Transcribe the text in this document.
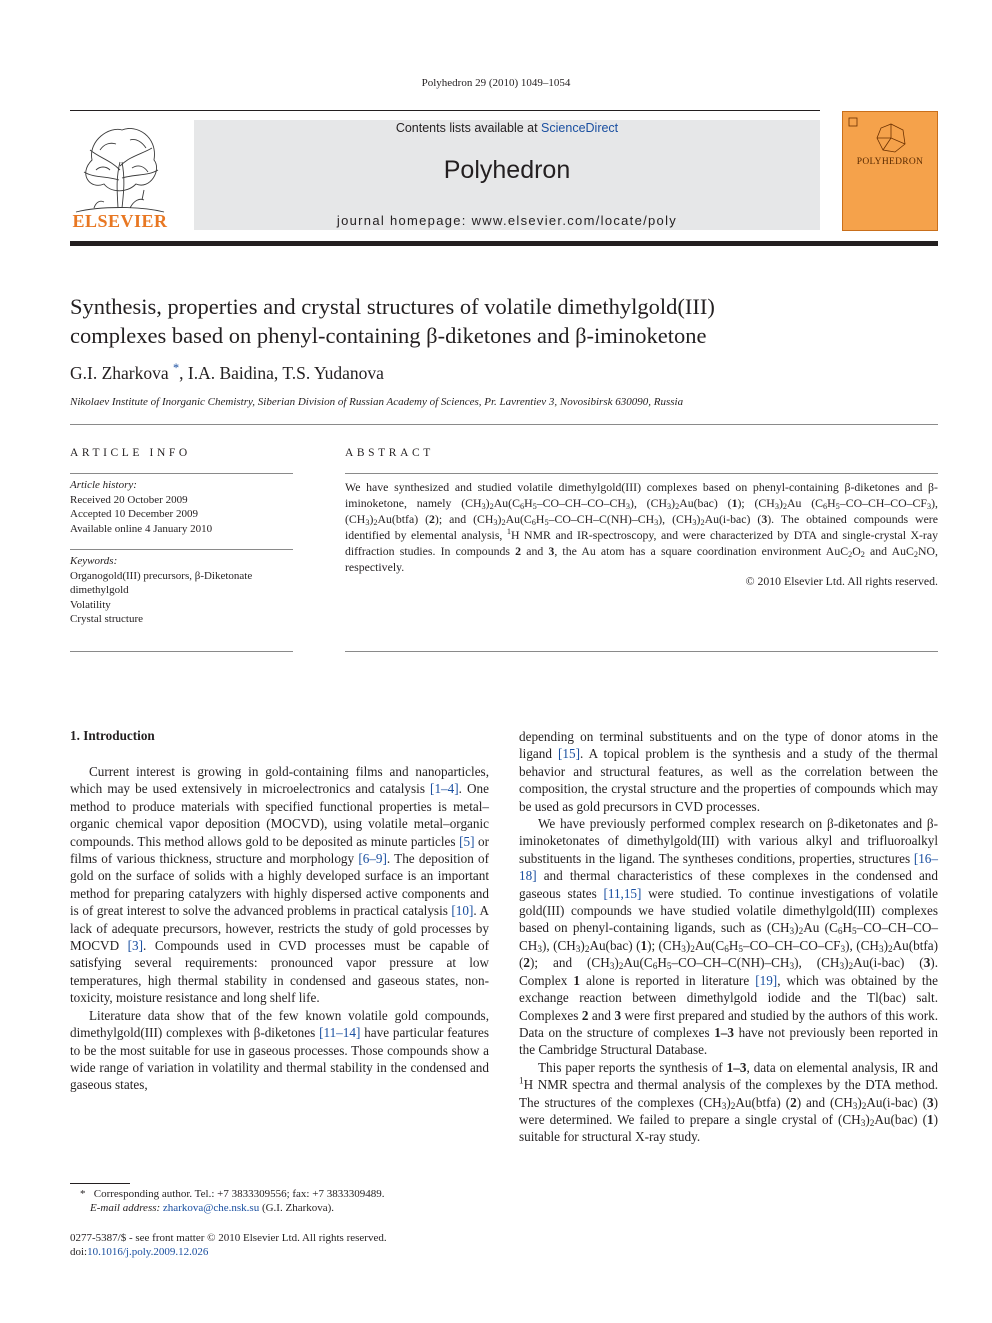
Polyhedron 29 (2010) 1049–1054
ELSEVIER
Contents lists available at ScienceDirect
Polyhedron
journal homepage: www.elsevier.com/locate/poly
POLYHEDRON
Synthesis, properties and crystal structures of volatile dimethylgold(III)
complexes based on phenyl-containing β-diketones and β-iminoketone
G.I. Zharkova *, I.A. Baidina, T.S. Yudanova
Nikolaev Institute of Inorganic Chemistry, Siberian Division of Russian Academy of Sciences, Pr. Lavrentiev 3, Novosibirsk 630090, Russia
ARTICLE INFO	ABSTRACT
Article history:
Received 20 October 2009
Accepted 10 December 2009
Available online 4 January 2010
Keywords:
Organogold(III) precursors, β-Diketonate
dimethylgold
Volatility
Crystal structure
We have synthesized and studied volatile dimethylgold(III) complexes based on phenyl-containing β-diketones and β-iminoketone, namely $(CH_3)_2Au(C_6H_5-CO-CH-CO-CH_3)$, $(CH_3)_2Au(bac)$ (1); $(CH_3)_2Au$ $(C_6H_5-CO-CH-CO-CF_3)$, $(CH_3)_2Au(btfa)$ (2); and $(CH_3)_2Au(C_6H_5-CO-CH-C(NH)-CH_3)$, $(CH_3)_2Au(i-bac)$ (3). The obtained compounds were identified by elemental analysis, $^1$H NMR and IR-spectroscopy, and were characterized by DTA and single-crystal X-ray diffraction studies. In compounds 2 and 3, the Au atom has a square coordination environment $AuC_2O_2$ and AuC$_2$NO, respectively.
© 2010 Elsevier Ltd. All rights reserved.
1. Introduction

Current interest is growing in gold-containing films and nanoparticles, which may be used extensively in microelectronics and catalysis [1–4]. One method to produce materials with specified functional properties is metal–organic chemical vapor deposition (MOCVD), using volatile metal–organic compounds. This method allows gold to be deposited as minute particles [5] or films of various thickness, structure and morphology [6–9]. The deposition of gold on the surface of solids with a highly developed surface is an important method for preparing catalyzers with highly dispersed active components and is of great interest to solve the advanced problems in practical catalysis [10]. A lack of adequate precursors, however, restricts the study of gold processes by MOCVD [3]. Compounds used in CVD processes must be capable of satisfying several requirements: pronounced vapor pressure at low temperatures, high thermal stability in condensed and gaseous states, non-toxicity, moisture resistance and long shelf life.

Literature data show that of the few known volatile gold compounds, dimethylgold(III) complexes with β-diketones [11–14] have particular features to be the most suitable for use in gaseous processes. Those compounds show a wide range of variation in volatility and thermal stability in the condensed and gaseous states,

depending on terminal substituents and on the type of donor atoms in the ligand [15]. A topical problem is the synthesis and a study of the thermal behavior and structural features, as well as the correlation between the composition, the crystal structure and the properties of compounds which may be used as gold precursors in CVD processes.

We have previously performed complex research on β-diketonates and β-iminoketonates of dimethylgold(III) with various alkyl and trifluoroalkyl substituents in the ligand. The syntheses conditions, properties, structures [16–18] and thermal characteristics of these complexes in the condensed and gaseous states [11,15] were studied. To continue investigations of volatile gold(III) compounds we have studied volatile dimethylgold(III) complexes based on phenyl-containing ligands, such as $(CH_3)_2Au$ $(C_6H_5-CO-CH-CO-CH_3)$, $(CH_3)_2Au(bac)$ (1); $(CH_3)_2Au(C_6H_5-CO-CH-CO-CF_3)$, $(CH_3)_2Au(btfa)$ (2); and $(CH_3)_2Au(C_6H_5-CO-CH-C(NH)-CH_3)$, $(CH_3)_2Au(i-bac)$ (3). Complex 1 alone is reported in literature [19], which was obtained by the exchange reaction between dimethylgold iodide and the Tl(bac) salt. Complexes 2 and 3 were first prepared and studied by the authors of this work. Data on the structure of complexes 1–3 have not previously been reported in the Cambridge Structural Database.

This paper reports the synthesis of 1–3, data on elemental analysis, IR and $^1$H NMR spectra and thermal analysis of the complexes by the DTA method. The structures of the complexes $(CH_3)_2Au(btfa)$ (2) and $(CH_3)_2Au(i-bac)$ (3) were determined. We failed to prepare a single crystal of $(CH_3)_2Au(bac)$ (1) suitable for structural X-ray study.

* Corresponding author. Tel.: +7 3833309556; fax: +7 3833309489.
E-mail address: zharkova@che.nsk.su (G.I. Zharkova).
0277-5387/$ - see front matter © 2010 Elsevier Ltd. All rights reserved.
doi:10.1016/j.poly.2009.12.026
